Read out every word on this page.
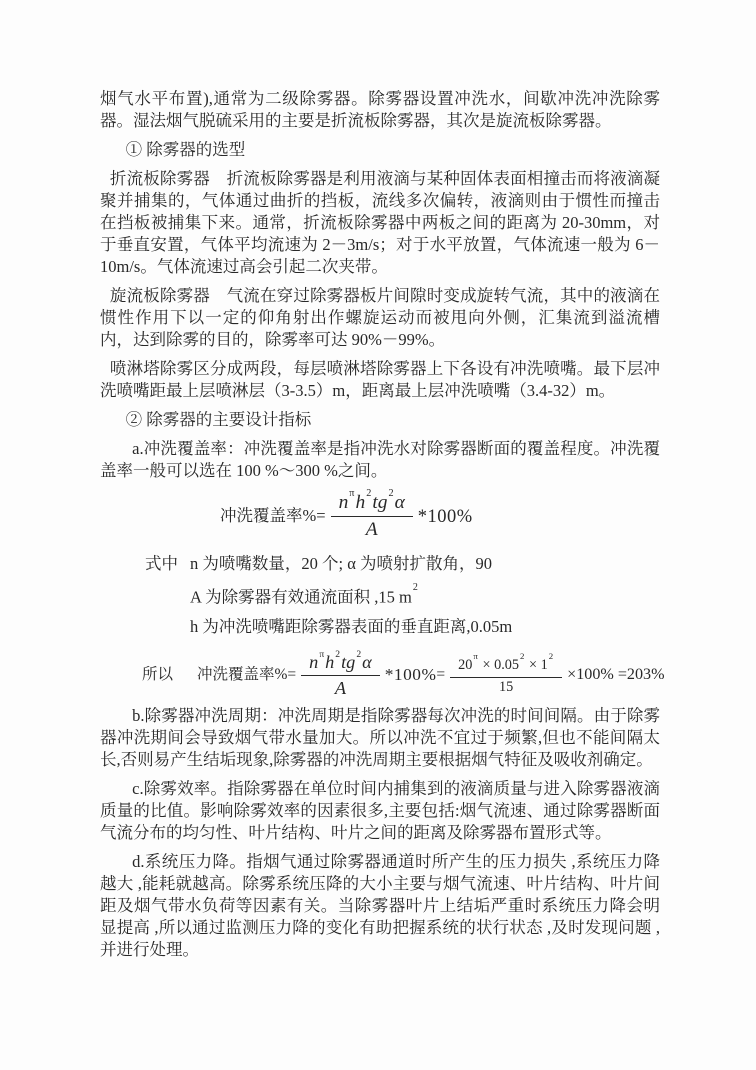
烟气水平布置),通常为二级除雾器。除雾器设置冲洗水，间歇冲洗冲洗除雾器。湿法烟气脱硫采用的主要是折流板除雾器，其次是旋流板除雾器。

① 除雾器的选型

折流板除雾器　折流板除雾器是利用液滴与某种固体表面相撞击而将液滴凝聚并捕集的，气体通过曲折的挡板，流线多次偏转，液滴则由于惯性而撞击在挡板被捕集下来。通常，折流板除雾器中两板之间的距离为 20-30mm，对于垂直安置，气体平均流速为 2－3m/s；对于水平放置，气体流速一般为 6－10m/s。气体流速过高会引起二次夹带。

旋流板除雾器　气流在穿过除雾器板片间隙时变成旋转气流，其中的液滴在惯性作用下以一定的仰角射出作螺旋运动而被甩向外侧，汇集流到溢流槽内，达到除雾的目的，除雾率可达 90%－99%。

喷淋塔除雾区分成两段，每层喷淋塔除雾器上下各设有冲洗喷嘴。最下层冲洗喷嘴距最上层喷淋层（3-3.5）m，距离最上层冲洗喷嘴（3.4-32）m。

② 除雾器的主要设计指标

a.冲洗覆盖率：冲洗覆盖率是指冲洗水对除雾器断面的覆盖程度。冲洗覆盖率一般可以选在 100 %～300 %之间。

冲洗覆盖率%= $\frac{n^\pi h^2tg^2\alpha}{A} *100\%$
式中 n 为喷嘴数量，20 个; α 为喷射扩散角，90
A 为除雾器有效通流面积 ,15 $m^2$
h 为冲洗喷嘴距除雾器表面的垂直距离,0.05m
所以 冲洗覆盖率%= $\frac{n^\pi h^2tg^2\alpha}{A} *100\% = \frac{20^\pi \times 0.05^2 \times 1^2}{15} \times 100\% =203\%$

b.除雾器冲洗周期：冲洗周期是指除雾器每次冲洗的时间间隔。由于除雾器冲洗期间会导致烟气带水量加大。所以冲洗不宜过于频繁,但也不能间隔太长,否则易产生结垢现象,除雾器的冲洗周期主要根据烟气特征及吸收剂确定。

c.除雾效率。指除雾器在单位时间内捕集到的液滴质量与进入除雾器液滴质量的比值。影响除雾效率的因素很多,主要包括:烟气流速、通过除雾器断面气流分布的均匀性、叶片结构、叶片之间的距离及除雾器布置形式等。

d.系统压力降。指烟气通过除雾器通道时所产生的压力损失 ,系统压力降越大 ,能耗就越高。除雾系统压降的大小主要与烟气流速、叶片结构、叶片间距及烟气带水负荷等因素有关。当除雾器叶片上结垢严重时系统压力降会明显提高 ,所以通过监测压力降的变化有助把握系统的状行状态 ,及时发现问题 ,并进行处理。
